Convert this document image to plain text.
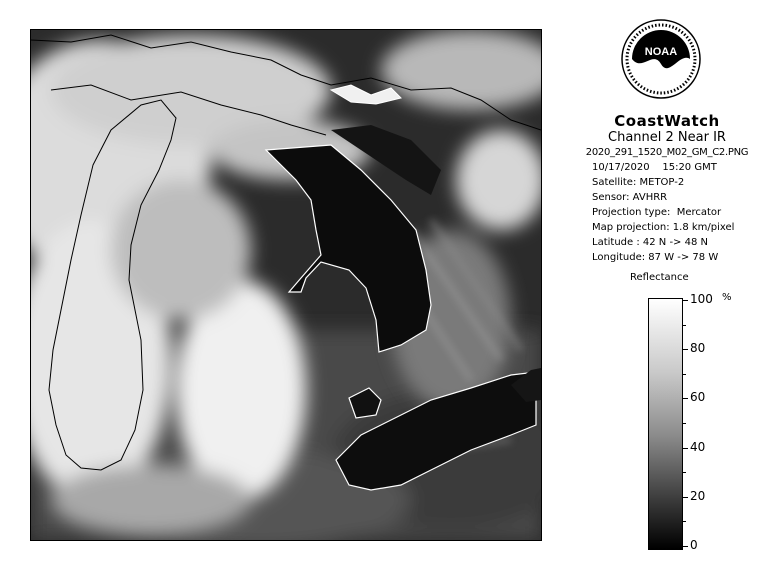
NOAA
CoastWatch
Channel 2 Near IR
2020_291_1520_M02_GM_C2.PNG
10/17/2020    15:20 GMT
Satellite: METOP-2
Sensor: AVHRR
Projection type:  Mercator
Map projection: 1.8 km/pixel
Latitude : 42 N -> 48 N
Longitude: 87 W -> 78 W
Reflectance
%
100
80
60
40
20
0
